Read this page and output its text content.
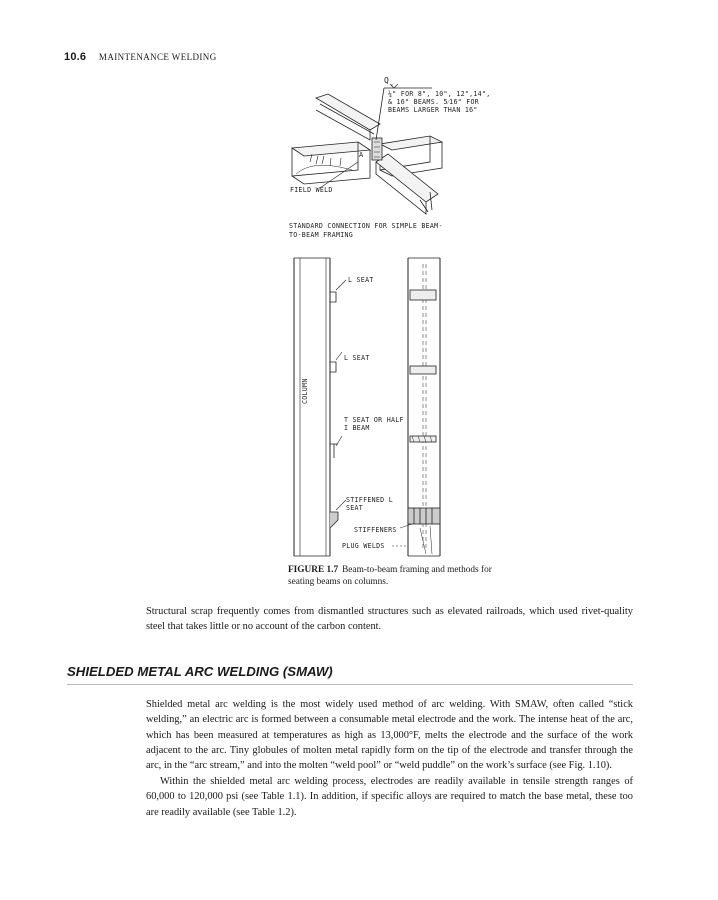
10.6 MAINTENANCE WELDING
Q
¼" FOR 8", 10", 12",14", & 16" BEAMS. 5⁄16" FOR BEAMS LARGER THAN 16"
A
FIELD WELD
STANDARD CONNECTION FOR SIMPLE BEAM-TO-BEAM FRAMING
L SEAT
L SEAT
T SEAT OR HALF I BEAM
STIFFENED L SEAT
COLUMN
STIFFENERS
PLUG WELDS
FIGURE 1.7 Beam-to-beam framing and methods for seating beams on columns.

Structural scrap frequently comes from dismantled structures such as elevated railroads, which used rivet-quality steel that takes little or no account of the carbon content.

SHIELDED METAL ARC WELDING (SMAW)

Shielded metal arc welding is the most widely used method of arc welding. With SMAW, often called “stick welding,” an electric arc is formed between a consumable metal electrode and the work. The intense heat of the arc, which has been measured at temperatures as high as 13,000°F, melts the electrode and the surface of the work adjacent to the arc. Tiny globules of molten metal rapidly form on the tip of the electrode and transfer through the arc, in the “arc stream,” and into the molten “weld pool” or “weld puddle” on the work’s surface (see Fig. 1.10).

Within the shielded metal arc welding process, electrodes are readily available in tensile strength ranges of 60,000 to 120,000 psi (see Table 1.1). In addition, if specific alloys are required to match the base metal, these too are readily available (see Table 1.2).
